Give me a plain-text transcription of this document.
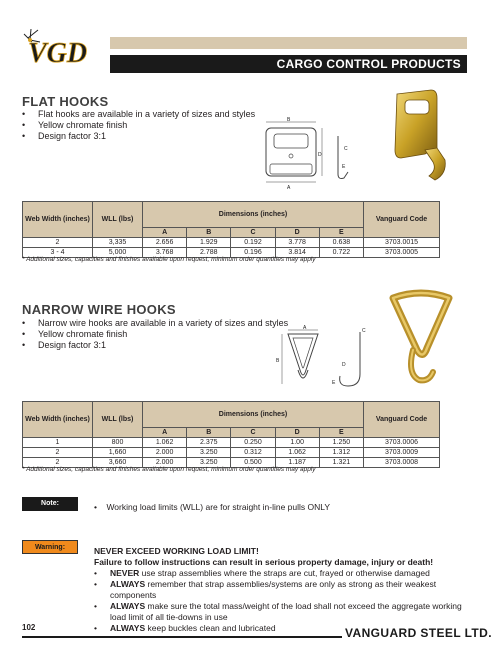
VGD	CARGO CONTROL PRODUCTS
FLAT HOOKS
• Flat hooks are available in a variety of sizes and styles
• Yellow chromate finish
• Design factor 3:1
B
A
D
C
E
Web Width (inches)	WLL (lbs)	Dimensions (inches)					Vanguard Code
		A	B	C	D	E	
2	3,335	2.656	1.929	0.192	3.778	0.638	3703.0015
3 - 4	5,000	3.768	2.788	0.196	3.814	0.722	3703.0005
* Additional sizes, capacities and finishes available upon request, minimum order quantities may apply
NARROW WIRE HOOKS
• Narrow wire hooks are available in a variety of sizes and styles
• Yellow chromate finish
• Design factor 3:1
A
B
C
D
E
Web Width (inches)	WLL (lbs)	Dimensions (inches)					Vanguard Code
		A	B	C	D	E	
1	800	1.062	2.375	0.250	1.00	1.250	3703.0006
2	1,660	2.000	3.250	0.312	1.062	1.312	3703.0009
2	3,660	2.000	3.250	0.500	1.187	1.321	3703.0008
* Additional sizes, capacities and finishes available upon request, minimum order quantities may apply
Note:	•    Working load limits (WLL) are for straight in-line pulls ONLY
Warning:	NEVER EXCEED WORKING LOAD LIMIT!
Failure to follow instructions can result in serious property damage, injury or death!
• NEVER use strap assemblies where the straps are cut, frayed or otherwise damaged
• ALWAYS remember that strap assemblies/systems are only as strong as their weakest components
• ALWAYS make sure the total mass/weight of the load shall not exceed the aggregate working load limit of all tie-downs in use
• ALWAYS keep buckles clean and lubricated
102	VANGUARD STEEL LTD.
